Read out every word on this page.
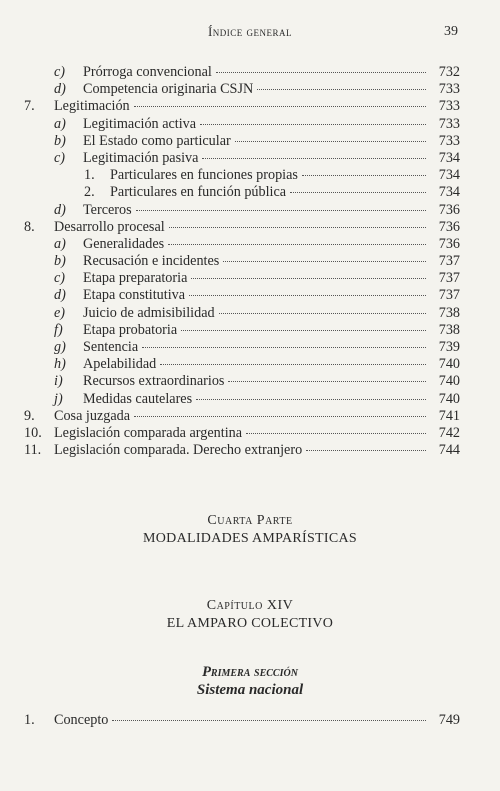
Índice general	39
c)	Prórroga convencional	732
d)	Competencia originaria CSJN	733
7.	Legitimación	733
a)	Legitimación activa	733
b)	El Estado como particular	733
c)	Legitimación pasiva	734
1.	Particulares en funciones propias	734
2.	Particulares en función pública	734
d)	Terceros	736
8.	Desarrollo procesal	736
a)	Generalidades	736
b)	Recusación e incidentes	737
c)	Etapa preparatoria	737
d)	Etapa constitutiva	737
e)	Juicio de admisibilidad	738
f)	Etapa probatoria	738
g)	Sentencia	739
h)	Apelabilidad	740
i)	Recursos extraordinarios	740
j)	Medidas cautelares	740
9.	Cosa juzgada	741
10. Legislación comparada argentina	742
11. Legislación comparada. Derecho extranjero	744
Cuarta Parte
MODALIDADES AMPARÍSTICAS
Capítulo XIV
EL AMPARO COLECTIVO
Primera sección
Sistema nacional
1.	Concepto	749
